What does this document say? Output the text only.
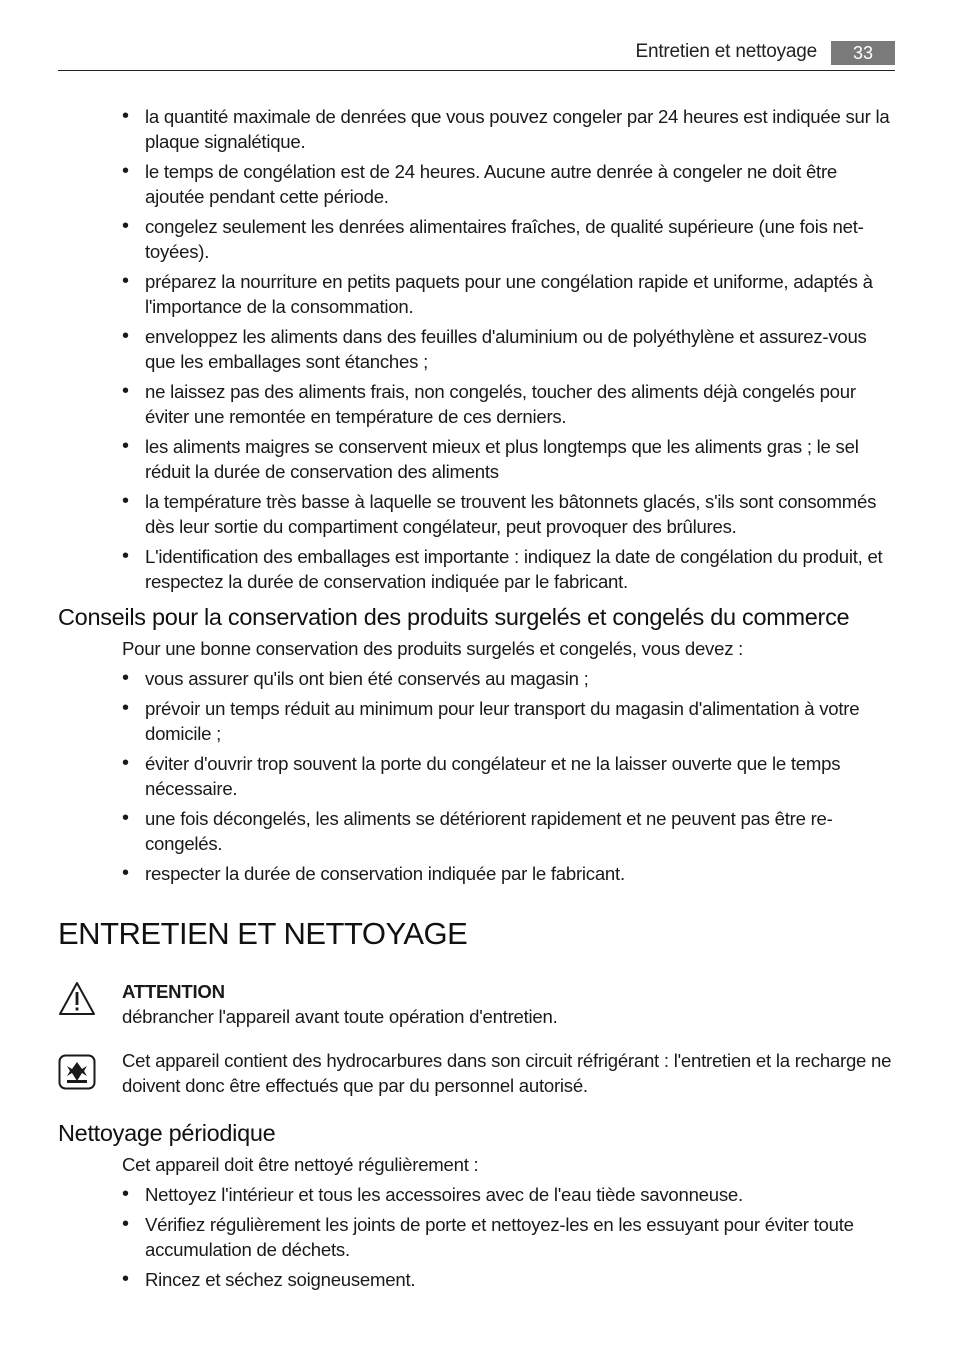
Entretien et nettoyage	33
• la quantité maximale de denrées que vous pouvez congeler par 24 heures est indiquée sur la plaque signalétique.
• le temps de congélation est de 24 heures. Aucune autre denrée à congeler ne doit être ajoutée pendant cette période.
• congelez seulement les denrées alimentaires fraîches, de qualité supérieure (une fois nettoyées).
• préparez la nourriture en petits paquets pour une congélation rapide et uniforme, adaptés à l'importance de la consommation.
• enveloppez les aliments dans des feuilles d'aluminium ou de polyéthylène et assurez-vous que les emballages sont étanches ;
• ne laissez pas des aliments frais, non congelés, toucher des aliments déjà congelés pour éviter une remontée en température de ces derniers.
• les aliments maigres se conservent mieux et plus longtemps que les aliments gras ; le sel réduit la durée de conservation des aliments
• la température très basse à laquelle se trouvent les bâtonnets glacés, s'ils sont consommés dès leur sortie du compartiment congélateur, peut provoquer des brûlures.
• L'identification des emballages est importante : indiquez la date de congélation du produit, et respectez la durée de conservation indiquée par le fabricant.
Conseils pour la conservation des produits surgelés et congelés du commerce
Pour une bonne conservation des produits surgelés et congelés, vous devez :
• vous assurer qu'ils ont bien été conservés au magasin ;
• prévoir un temps réduit au minimum pour leur transport du magasin d'alimentation à votre domicile ;
• éviter d'ouvrir trop souvent la porte du congélateur et ne la laisser ouverte que le temps nécessaire.
• une fois décongelés, les aliments se détériorent rapidement et ne peuvent pas être recongelés.
• respecter la durée de conservation indiquée par le fabricant.
ENTRETIEN ET NETTOYAGE
ATTENTION
débrancher l'appareil avant toute opération d'entretien.
Cet appareil contient des hydrocarbures dans son circuit réfrigérant : l'entretien et la recharge ne doivent donc être effectués que par du personnel autorisé.
Nettoyage périodique
Cet appareil doit être nettoyé régulièrement :
• Nettoyez l'intérieur et tous les accessoires avec de l'eau tiède savonneuse.
• Vérifiez régulièrement les joints de porte et nettoyez-les en les essuyant pour éviter toute accumulation de déchets.
• Rincez et séchez soigneusement.
